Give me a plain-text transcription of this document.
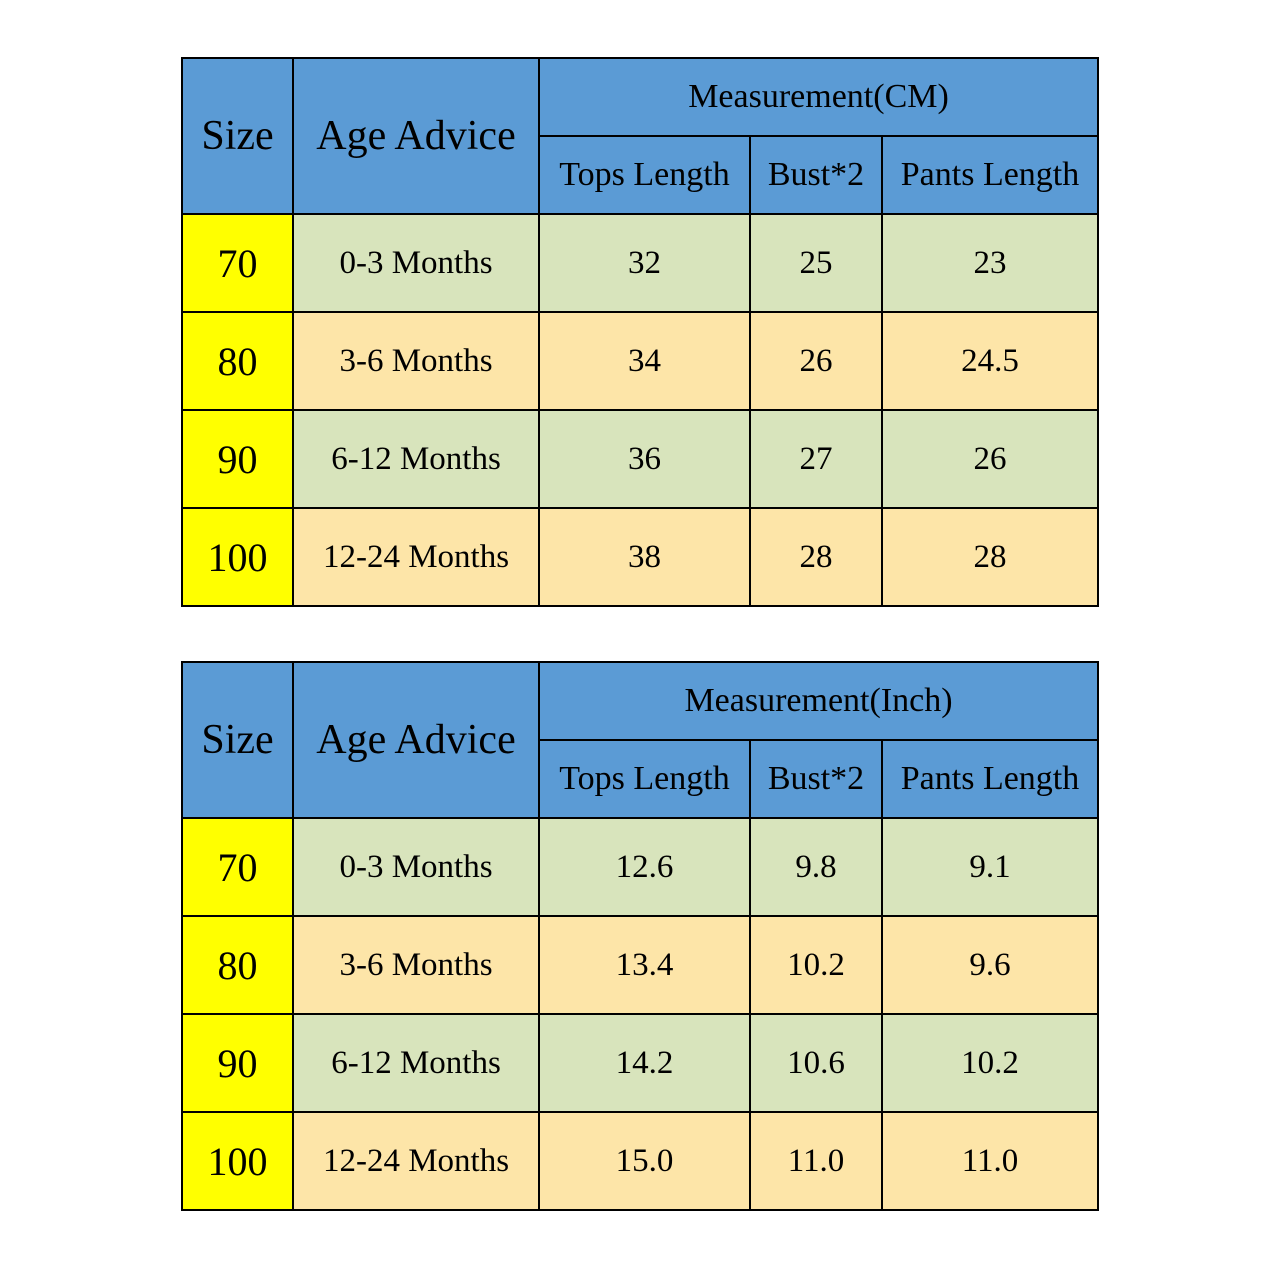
Size	Age Advice	Measurement(CM)		
		Tops Length	Bust*2	Pants Length
70	0-3 Months	32	25	23
80	3-6 Months	34	26	24.5
90	6-12 Months	36	27	26
100	12-24 Months	38	28	28
Size	Age Advice	Measurement(Inch)		
		Tops Length	Bust*2	Pants Length
70	0-3 Months	12.6	9.8	9.1
80	3-6 Months	13.4	10.2	9.6
90	6-12 Months	14.2	10.6	10.2
100	12-24 Months	15.0	11.0	11.0
